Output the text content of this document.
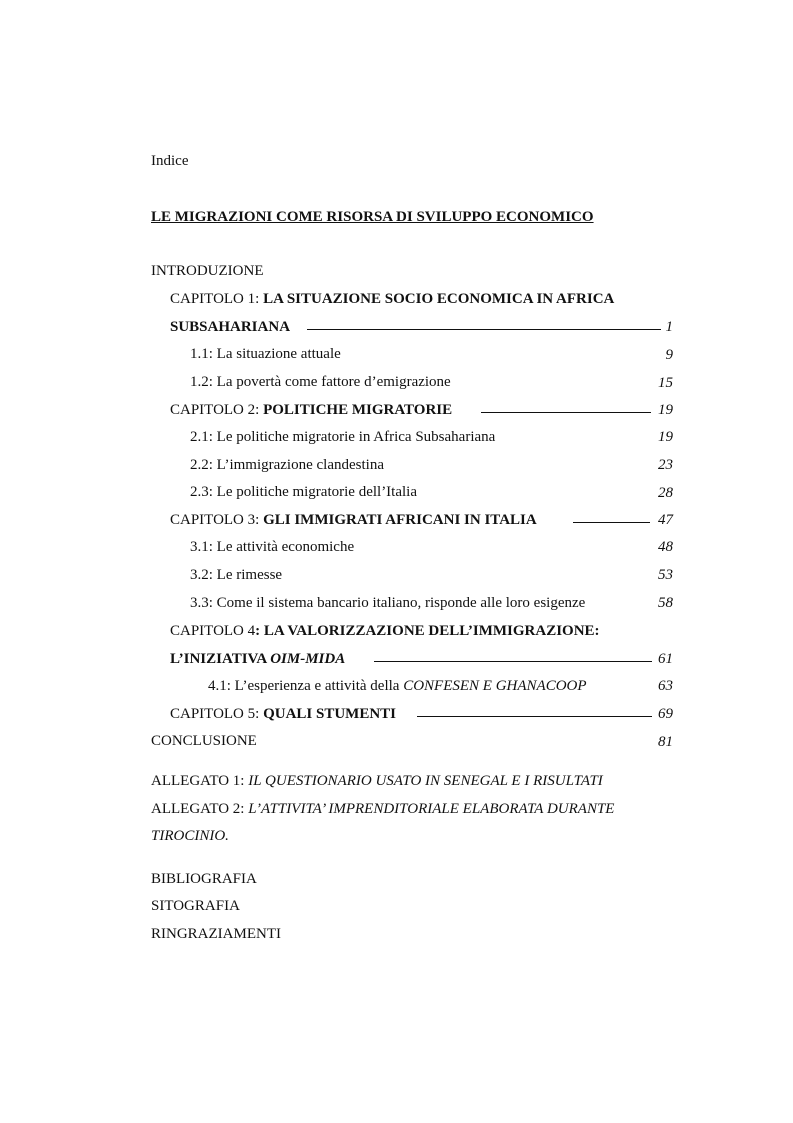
Indice
LE MIGRAZIONI COME RISORSA DI SVILUPPO ECONOMICO
INTRODUZIONE
CAPITOLO 1: LA SITUAZIONE SOCIO ECONOMICA IN AFRICA
SUBSAHARIANA	1
1.1: La situazione attuale	9
1.2: La povertà come fattore d’emigrazione	15
CAPITOLO 2: POLITICHE MIGRATORIE	19
2.1: Le politiche migratorie in Africa Subsahariana	19
2.2: L’immigrazione clandestina	23
2.3: Le politiche migratorie dell’Italia	28
CAPITOLO 3: GLI IMMIGRATI AFRICANI IN ITALIA	47
3.1: Le attività economiche	48
3.2: Le rimesse	53
3.3: Come il sistema bancario italiano, risponde alle loro esigenze	58
CAPITOLO 4: LA VALORIZZAZIONE DELL’IMMIGRAZIONE:
L’INIZIATIVA OIM-MIDA	61
4.1: L’esperienza e attività della CONFESEN E GHANACOOP	63
CAPITOLO 5: QUALI STUMENTI	69
CONCLUSIONE	81
ALLEGATO 1: IL QUESTIONARIO USATO IN SENEGAL E I RISULTATI
ALLEGATO 2: L’ATTIVITA’ IMPRENDITORIALE ELABORATA DURANTE
TIROCINIO.
BIBLIOGRAFIA
SITOGRAFIA
RINGRAZIAMENTI
